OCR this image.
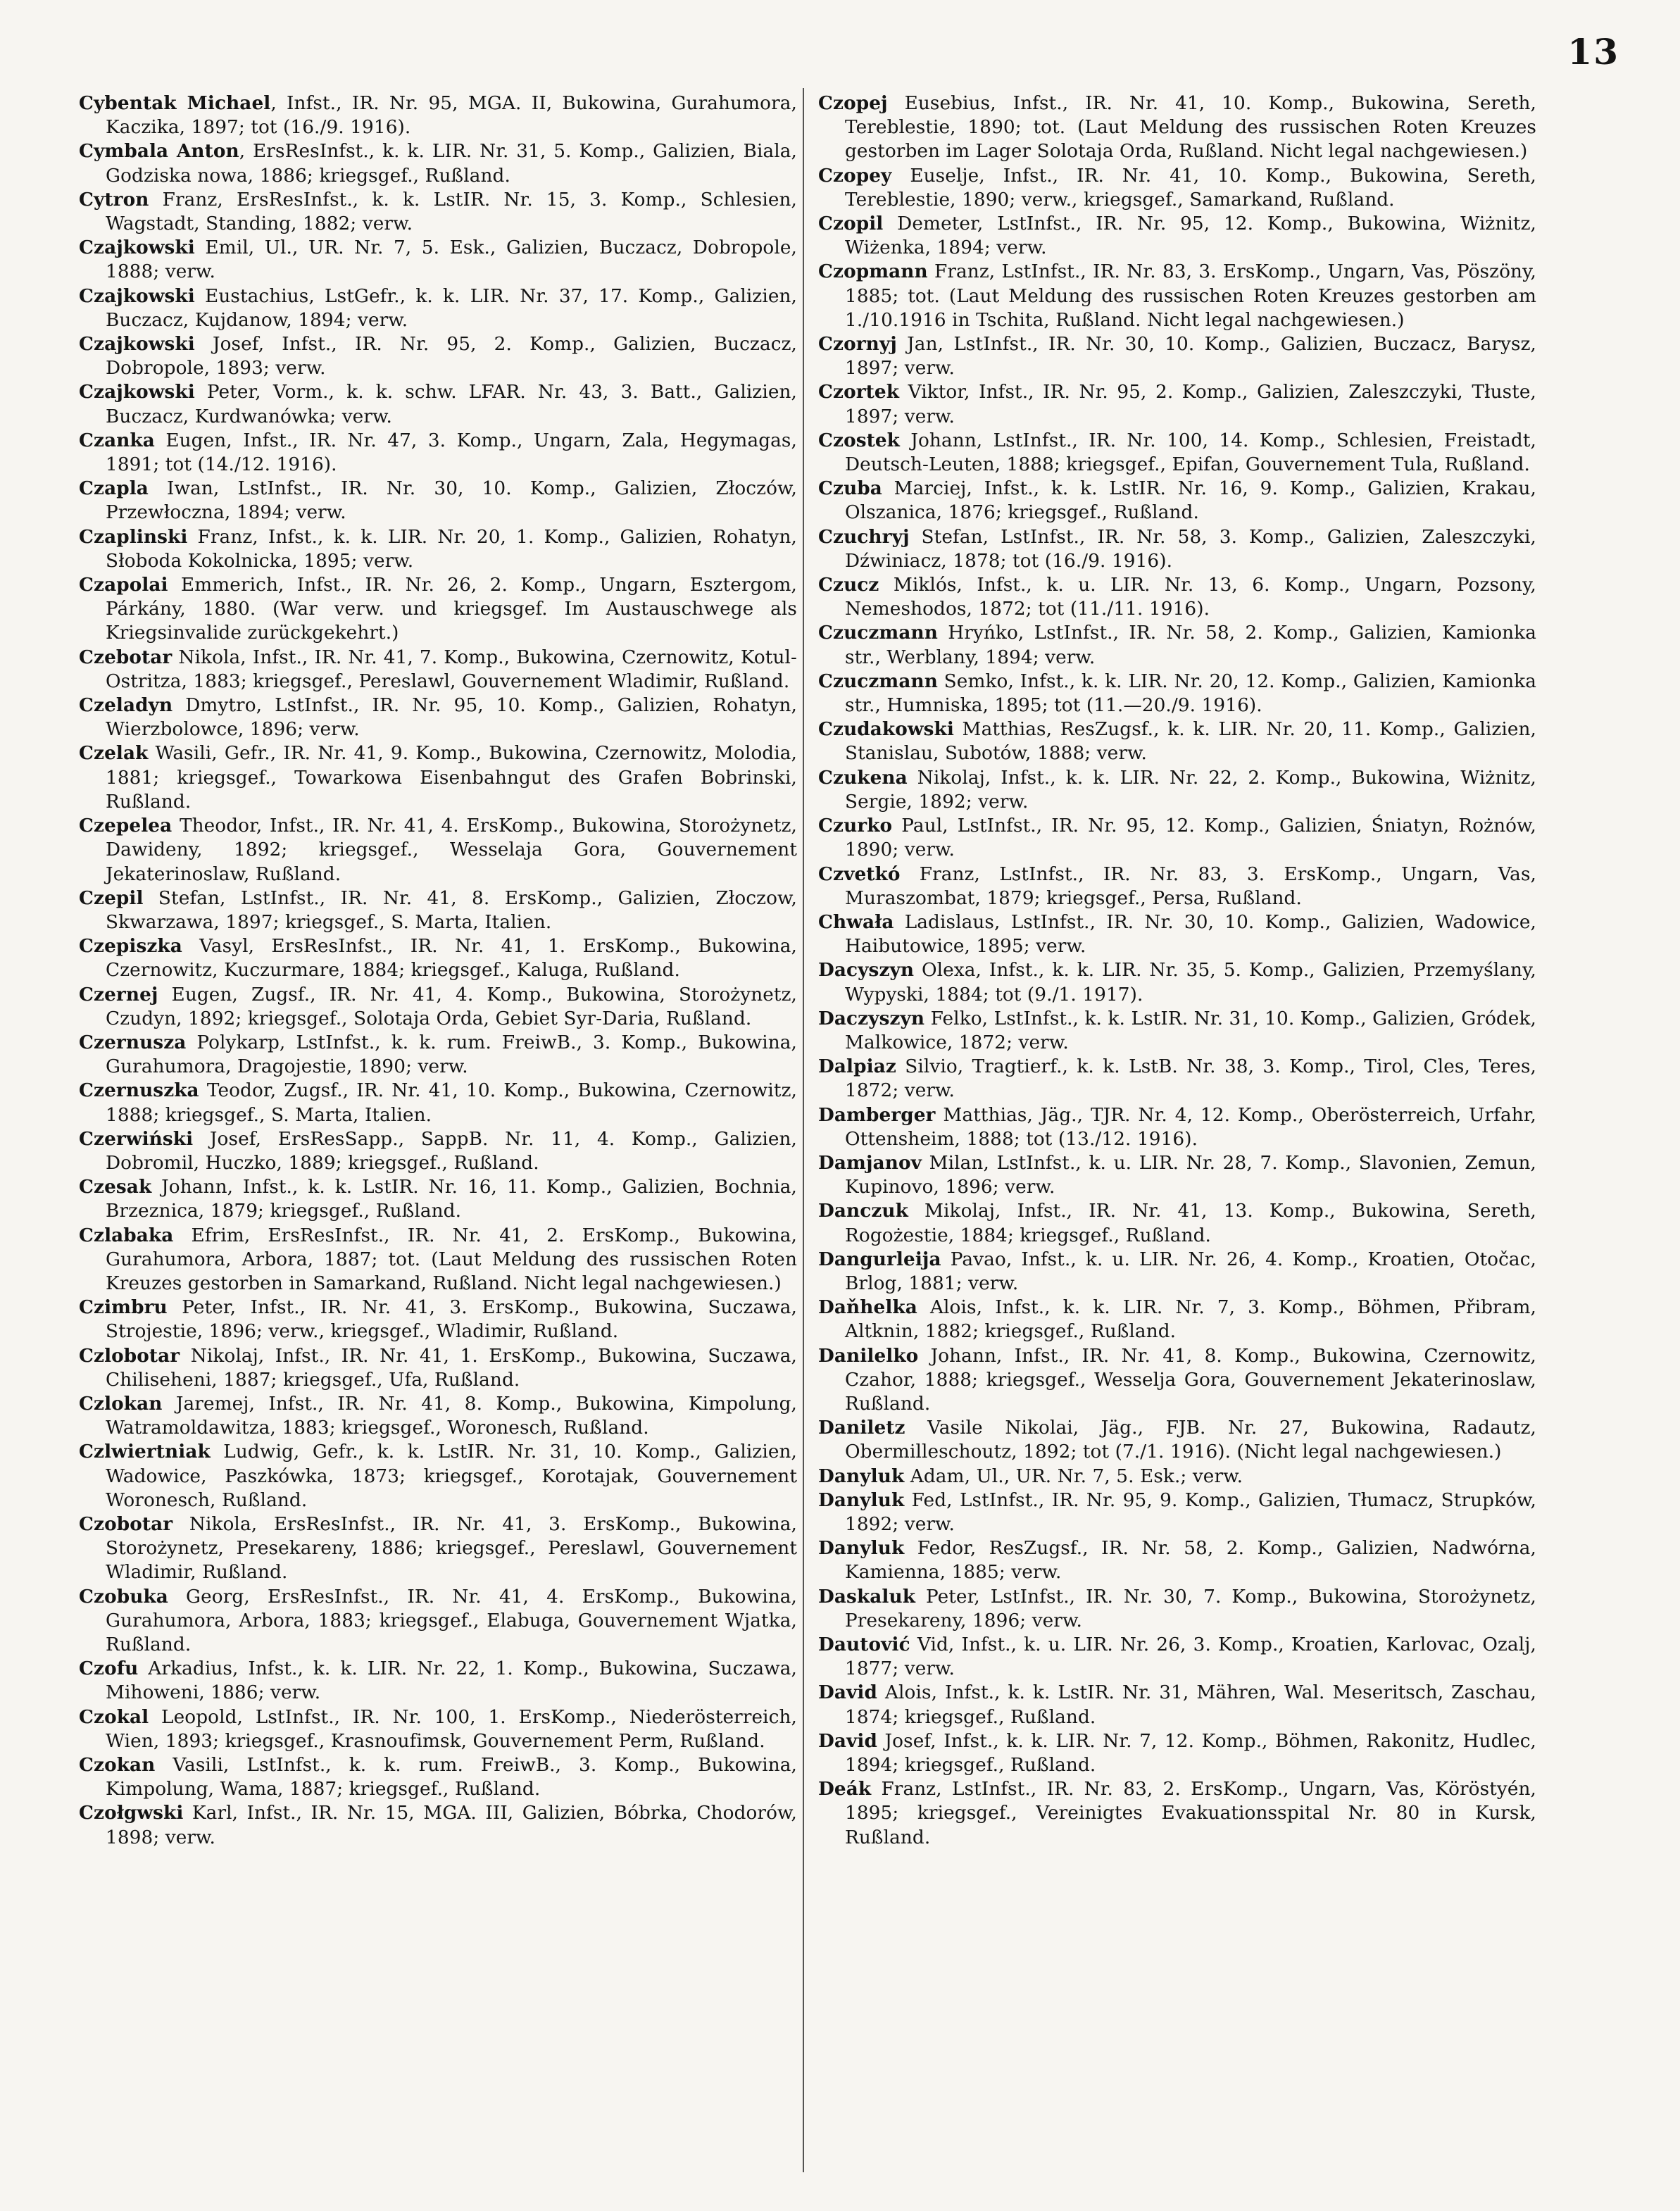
13

Cybentak Michael, Infst., IR. Nr. 95, MGA. II, Bukowina, Gurahumora, Kaczika, 1897; tot (16./9. 1916).

Cymbala Anton, ErsResInfst., k. k. LIR. Nr. 31, 5. Komp., Galizien, Biala, Godziska nowa, 1886; kriegsgef., Rußland.

Cytron Franz, ErsResInfst., k. k. LstIR. Nr. 15, 3. Komp., Schlesien, Wagstadt, Standing, 1882; verw.

Czajkowski Emil, Ul., UR. Nr. 7, 5. Esk., Galizien, Buczacz, Dobropole, 1888; verw.

Czajkowski Eustachius, LstGefr., k. k. LIR. Nr. 37, 17. Komp., Galizien, Buczacz, Kujdanow, 1894; verw.

Czajkowski Josef, Infst., IR. Nr. 95, 2. Komp., Galizien, Buczacz, Dobropole, 1893; verw.

Czajkowski Peter, Vorm., k. k. schw. LFAR. Nr. 43, 3. Batt., Galizien, Buczacz, Kurdwanówka; verw.

Czanka Eugen, Infst., IR. Nr. 47, 3. Komp., Ungarn, Zala, Hegymagas, 1891; tot (14./12. 1916).

Czapla Iwan, LstInfst., IR. Nr. 30, 10. Komp., Galizien, Złoczów, Przewłoczna, 1894; verw.

Czaplinski Franz, Infst., k. k. LIR. Nr. 20, 1. Komp., Galizien, Rohatyn, Słoboda Kokolnicka, 1895; verw.

Czapolai Emmerich, Infst., IR. Nr. 26, 2. Komp., Ungarn, Esztergom, Párkány, 1880. (War verw. und kriegsgef. Im Austauschwege als Kriegsinvalide zurückgekehrt.)

Czebotar Nikola, Infst., IR. Nr. 41, 7. Komp., Bukowina, Czernowitz, Kotul-Ostritza, 1883; kriegsgef., Pereslawl, Gouvernement Wladimir, Rußland.

Czeladyn Dmytro, LstInfst., IR. Nr. 95, 10. Komp., Galizien, Rohatyn, Wierzbolowce, 1896; verw.

Czelak Wasili, Gefr., IR. Nr. 41, 9. Komp., Bukowina, Czernowitz, Molodia, 1881; kriegsgef., Towarkowa Eisenbahngut des Grafen Bobrinski, Rußland.

Czepelea Theodor, Infst., IR. Nr. 41, 4. ErsKomp., Bukowina, Storożynetz, Dawideny, 1892; kriegsgef., Wesselaja Gora, Gouvernement Jekaterinoslaw, Rußland.

Czepil Stefan, LstInfst., IR. Nr. 41, 8. ErsKomp., Galizien, Złoczow, Skwarzawa, 1897; kriegsgef., S. Marta, Italien.

Czepiszka Vasyl, ErsResInfst., IR. Nr. 41, 1. ErsKomp., Bukowina, Czernowitz, Kuczurmare, 1884; kriegsgef., Kaluga, Rußland.

Czernej Eugen, Zugsf., IR. Nr. 41, 4. Komp., Bukowina, Storożynetz, Czudyn, 1892; kriegsgef., Solotaja Orda, Gebiet Syr-Daria, Rußland.

Czernusza Polykarp, LstInfst., k. k. rum. FreiwB., 3. Komp., Bukowina, Gurahumora, Dragojestie, 1890; verw.

Czernuszka Teodor, Zugsf., IR. Nr. 41, 10. Komp., Bukowina, Czernowitz, 1888; kriegsgef., S. Marta, Italien.

Czerwiński Josef, ErsResSapp., SappB. Nr. 11, 4. Komp., Galizien, Dobromil, Huczko, 1889; kriegsgef., Rußland.

Czesak Johann, Infst., k. k. LstIR. Nr. 16, 11. Komp., Galizien, Bochnia, Brzeznica, 1879; kriegsgef., Rußland.

Czlabaka Efrim, ErsResInfst., IR. Nr. 41, 2. ErsKomp., Bukowina, Gurahumora, Arbora, 1887; tot. (Laut Meldung des russischen Roten Kreuzes gestorben in Samarkand, Rußland. Nicht legal nachgewiesen.)

Czimbru Peter, Infst., IR. Nr. 41, 3. ErsKomp., Bukowina, Suczawa, Strojestie, 1896; verw., kriegsgef., Wladimir, Rußland.

Czlobotar Nikolaj, Infst., IR. Nr. 41, 1. ErsKomp., Bukowina, Suczawa, Chiliseheni, 1887; kriegsgef., Ufa, Rußland.

Czlokan Jaremej, Infst., IR. Nr. 41, 8. Komp., Bukowina, Kimpolung, Watramoldawitza, 1883; kriegsgef., Woronesch, Rußland.

Czlwiertniak Ludwig, Gefr., k. k. LstIR. Nr. 31, 10. Komp., Galizien, Wadowice, Paszkówka, 1873; kriegsgef., Korotajak, Gouvernement Woronesch, Rußland.

Czobotar Nikola, ErsResInfst., IR. Nr. 41, 3. ErsKomp., Bukowina, Storożynetz, Presekareny, 1886; kriegsgef., Pereslawl, Gouvernement Wladimir, Rußland.

Czobuka Georg, ErsResInfst., IR. Nr. 41, 4. ErsKomp., Bukowina, Gurahumora, Arbora, 1883; kriegsgef., Elabuga, Gouvernement Wjatka, Rußland.

Czofu Arkadius, Infst., k. k. LIR. Nr. 22, 1. Komp., Bukowina, Suczawa, Mihoweni, 1886; verw.

Czokal Leopold, LstInfst., IR. Nr. 100, 1. ErsKomp., Niederösterreich, Wien, 1893; kriegsgef., Krasnoufimsk, Gouvernement Perm, Rußland.

Czokan Vasili, LstInfst., k. k. rum. FreiwB., 3. Komp., Bukowina, Kimpolung, Wama, 1887; kriegsgef., Rußland.

Czołgwski Karl, Infst., IR. Nr. 15, MGA. III, Galizien, Bóbrka, Chodorów, 1898; verw.

Czopej Eusebius, Infst., IR. Nr. 41, 10. Komp., Bukowina, Sereth, Tereblestie, 1890; tot. (Laut Meldung des russischen Roten Kreuzes gestorben im Lager Solotaja Orda, Rußland. Nicht legal nachgewiesen.)

Czopey Euselje, Infst., IR. Nr. 41, 10. Komp., Bukowina, Sereth, Tereblestie, 1890; verw., kriegsgef., Samarkand, Rußland.

Czopil Demeter, LstInfst., IR. Nr. 95, 12. Komp., Bukowina, Wiżnitz, Wiżenka, 1894; verw.

Czopmann Franz, LstInfst., IR. Nr. 83, 3. ErsKomp., Ungarn, Vas, Pöszöny, 1885; tot. (Laut Meldung des russischen Roten Kreuzes gestorben am 1./10.1916 in Tschita, Rußland. Nicht legal nachgewiesen.)

Czornyj Jan, LstInfst., IR. Nr. 30, 10. Komp., Galizien, Buczacz, Barysz, 1897; verw.

Czortek Viktor, Infst., IR. Nr. 95, 2. Komp., Galizien, Zaleszczyki, Tłuste, 1897; verw.

Czostek Johann, LstInfst., IR. Nr. 100, 14. Komp., Schlesien, Freistadt, Deutsch-Leuten, 1888; kriegsgef., Epifan, Gouvernement Tula, Rußland.

Czuba Marciej, Infst., k. k. LstIR. Nr. 16, 9. Komp., Galizien, Krakau, Olszanica, 1876; kriegsgef., Rußland.

Czuchryj Stefan, LstInfst., IR. Nr. 58, 3. Komp., Galizien, Zaleszczyki, Dźwiniacz, 1878; tot (16./9. 1916).

Czucz Miklós, Infst., k. u. LIR. Nr. 13, 6. Komp., Ungarn, Pozsony, Nemeshodos, 1872; tot (11./11. 1916).

Czuczmann Hryńko, LstInfst., IR. Nr. 58, 2. Komp., Galizien, Kamionka str., Werblany, 1894; verw.

Czuczmann Semko, Infst., k. k. LIR. Nr. 20, 12. Komp., Galizien, Kamionka str., Humniska, 1895; tot (11.—20./9. 1916).

Czudakowski Matthias, ResZugsf., k. k. LIR. Nr. 20, 11. Komp., Galizien, Stanislau, Subotów, 1888; verw.

Czukena Nikolaj, Infst., k. k. LIR. Nr. 22, 2. Komp., Bukowina, Wiżnitz, Sergie, 1892; verw.

Czurko Paul, LstInfst., IR. Nr. 95, 12. Komp., Galizien, Śniatyn, Rożnów, 1890; verw.

Czvetkó Franz, LstInfst., IR. Nr. 83, 3. ErsKomp., Ungarn, Vas, Muraszombat, 1879; kriegsgef., Persa, Rußland.

Chwała Ladislaus, LstInfst., IR. Nr. 30, 10. Komp., Galizien, Wadowice, Haibutowice, 1895; verw.

Dacyszyn Olexa, Infst., k. k. LIR. Nr. 35, 5. Komp., Galizien, Przemyślany, Wypyski, 1884; tot (9./1. 1917).

Daczyszyn Felko, LstInfst., k. k. LstIR. Nr. 31, 10. Komp., Galizien, Gródek, Malkowice, 1872; verw.

Dalpiaz Silvio, Tragtierf., k. k. LstB. Nr. 38, 3. Komp., Tirol, Cles, Teres, 1872; verw.

Damberger Matthias, Jäg., TJR. Nr. 4, 12. Komp., Oberösterreich, Urfahr, Ottensheim, 1888; tot (13./12. 1916).

Damjanov Milan, LstInfst., k. u. LIR. Nr. 28, 7. Komp., Slavonien, Zemun, Kupinovo, 1896; verw.

Danczuk Mikolaj, Infst., IR. Nr. 41, 13. Komp., Bukowina, Sereth, Rogożestie, 1884; kriegsgef., Rußland.

Dangurleija Pavao, Infst., k. u. LIR. Nr. 26, 4. Komp., Kroatien, Otočac, Brlog, 1881; verw.

Daňhelka Alois, Infst., k. k. LIR. Nr. 7, 3. Komp., Böhmen, Přibram, Altknin, 1882; kriegsgef., Rußland.

Danilelko Johann, Infst., IR. Nr. 41, 8. Komp., Bukowina, Czernowitz, Czahor, 1888; kriegsgef., Wesselja Gora, Gouvernement Jekaterinoslaw, Rußland.

Daniletz Vasile Nikolai, Jäg., FJB. Nr. 27, Bukowina, Radautz, Obermilleschoutz, 1892; tot (7./1. 1916). (Nicht legal nachgewiesen.)

Danyluk Adam, Ul., UR. Nr. 7, 5. Esk.; verw.

Danyluk Fed, LstInfst., IR. Nr. 95, 9. Komp., Galizien, Tłumacz, Strupków, 1892; verw.

Danyluk Fedor, ResZugsf., IR. Nr. 58, 2. Komp., Galizien, Nadwórna, Kamienna, 1885; verw.

Daskaluk Peter, LstInfst., IR. Nr. 30, 7. Komp., Bukowina, Storożynetz, Presekareny, 1896; verw.

Dautović Vid, Infst., k. u. LIR. Nr. 26, 3. Komp., Kroatien, Karlovac, Ozalj, 1877; verw.

David Alois, Infst., k. k. LstIR. Nr. 31, Mähren, Wal. Meseritsch, Zaschau, 1874; kriegsgef., Rußland.

David Josef, Infst., k. k. LIR. Nr. 7, 12. Komp., Böhmen, Rakonitz, Hudlec, 1894; kriegsgef., Rußland.

Deák Franz, LstInfst., IR. Nr. 83, 2. ErsKomp., Ungarn, Vas, Köröstyén, 1895; kriegsgef., Vereinigtes Evakuationsspital Nr. 80 in Kursk, Rußland.
